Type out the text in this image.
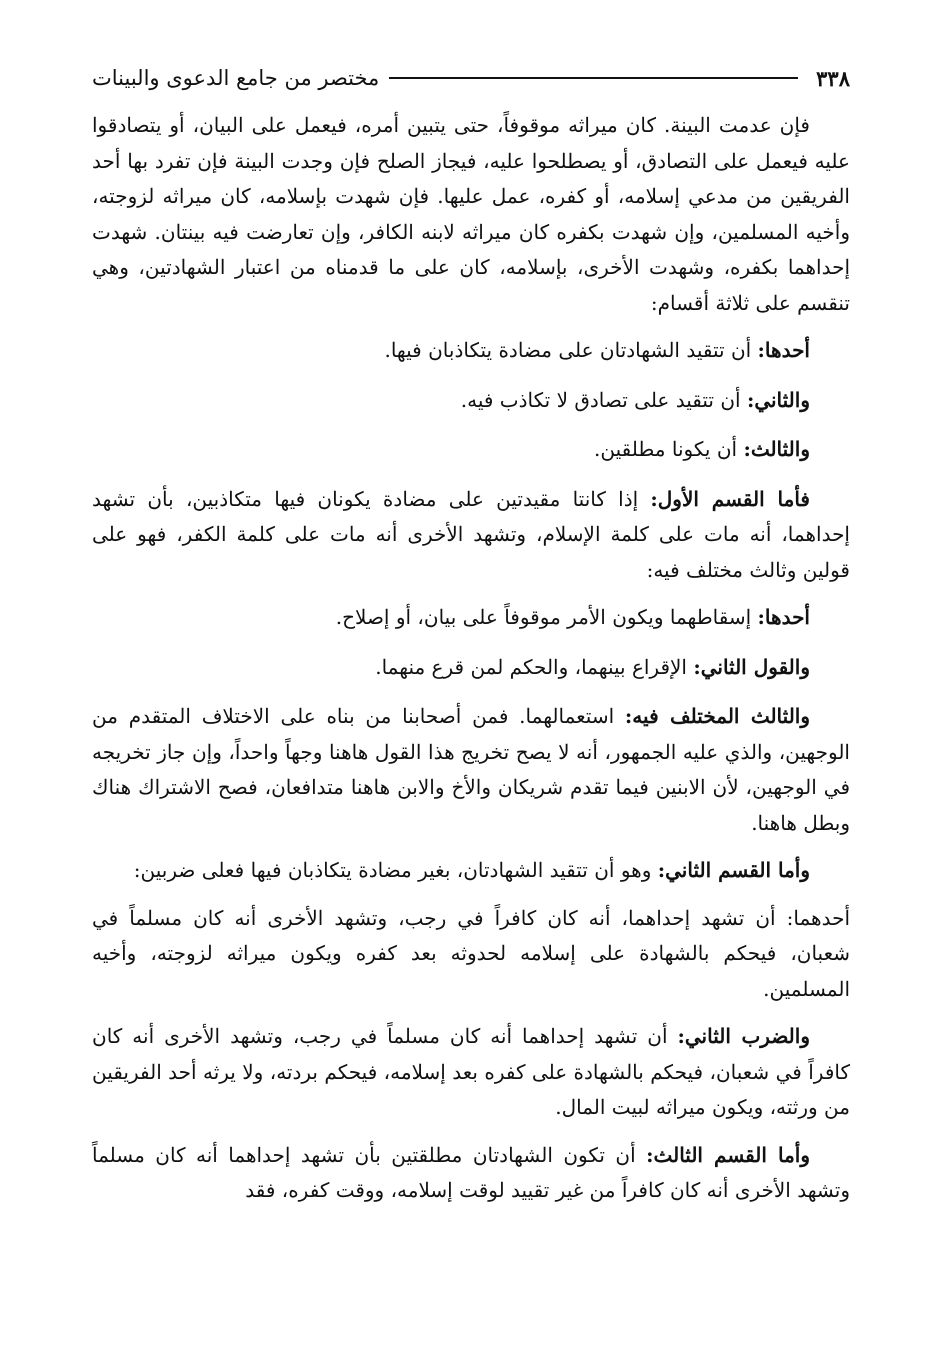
٣٣٨
مختصر من جامع الدعوى والبينات

فإن عدمت البينة. كان ميراثه موقوفاً، حتى يتبين أمره، فيعمل على البيان، أو يتصادقوا عليه فيعمل على التصادق، أو يصطلحوا عليه، فيجاز الصلح فإن وجدت البينة فإن تفرد بها أحد الفريقين من مدعي إسلامه، أو كفره، عمل عليها. فإن شهدت بإسلامه، كان ميراثه لزوجته، وأخيه المسلمين، وإن شهدت بكفره كان ميراثه لابنه الكافر، وإن تعارضت فيه بينتان. شهدت إحداهما بكفره، وشهدت الأخرى، بإسلامه، كان على ما قدمناه من اعتبار الشهادتين، وهي تنقسم على ثلاثة أقسام:

أحدها: أن تتقيد الشهادتان على مضادة يتكاذبان فيها.

والثاني: أن تتقيد على تصادق لا تكاذب فيه.

والثالث: أن يكونا مطلقين.

فأما القسم الأول: إذا كانتا مقيدتين على مضادة يكونان فيها متكاذبين، بأن تشهد إحداهما، أنه مات على كلمة الإسلام، وتشهد الأخرى أنه مات على كلمة الكفر، فهو على قولين وثالث مختلف فيه:

أحدها: إسقاطهما ويكون الأمر موقوفاً على بيان، أو إصلاح.

والقول الثاني: الإقراع بينهما، والحكم لمن قرع منهما.

والثالث المختلف فيه: استعمالهما. فمن أصحابنا من بناه على الاختلاف المتقدم من الوجهين، والذي عليه الجمهور، أنه لا يصح تخريج هذا القول هاهنا وجهاً واحداً، وإن جاز تخريجه في الوجهين، لأن الابنين فيما تقدم شريكان والأخ والابن هاهنا متدافعان، فصح الاشتراك هناك وبطل هاهنا.

وأما القسم الثاني: وهو أن تتقيد الشهادتان، بغير مضادة يتكاذبان فيها فعلى ضربين:

أحدهما: أن تشهد إحداهما، أنه كان كافراً في رجب، وتشهد الأخرى أنه كان مسلماً في شعبان، فيحكم بالشهادة على إسلامه لحدوثه بعد كفره ويكون ميراثه لزوجته، وأخيه المسلمين.

والضرب الثاني: أن تشهد إحداهما أنه كان مسلماً في رجب، وتشهد الأخرى أنه كان كافراً في شعبان، فيحكم بالشهادة على كفره بعد إسلامه، فيحكم بردته، ولا يرثه أحد الفريقين من ورثته، ويكون ميراثه لبيت المال.

وأما القسم الثالث: أن تكون الشهادتان مطلقتين بأن تشهد إحداهما أنه كان مسلماً وتشهد الأخرى أنه كان كافراً من غير تقييد لوقت إسلامه، ووقت كفره، فقد
